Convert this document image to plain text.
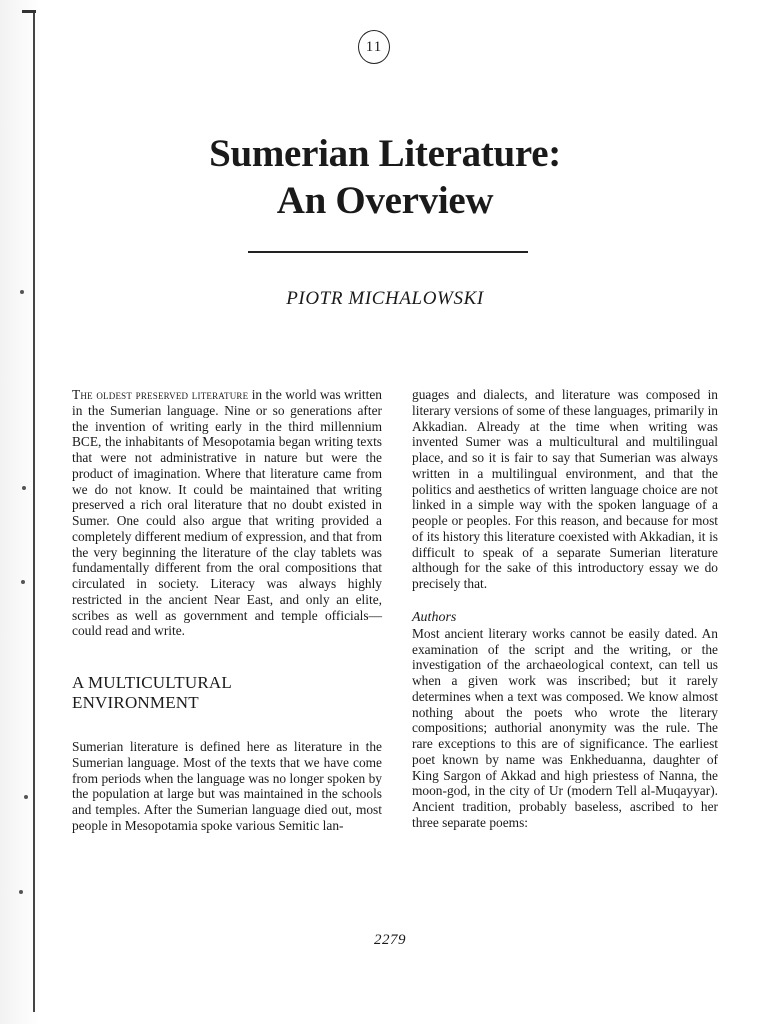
11
Sumerian Literature:
An Overview
PIOTR MICHALOWSKI

The oldest preserved literature in the world was written in the Sumerian language. Nine or so generations after the invention of writing early in the third millennium BCE, the inhabitants of Mesopotamia began writing texts that were not administrative in nature but were the product of imagination. Where that literature came from we do not know. It could be maintained that writing preserved a rich oral literature that no doubt existed in Sumer. One could also argue that writing provided a completely different medium of expression, and that from the very beginning the literature of the clay tablets was fundamentally different from the oral compositions that circulated in society. Literacy was always highly restricted in the ancient Near East, and only an elite, scribes as well as government and temple officials—could read and write.

A MULTICULTURAL
ENVIRONMENT

Sumerian literature is defined here as literature in the Sumerian language. Most of the texts that we have come from periods when the language was no longer spoken by the population at large but was maintained in the schools and temples. After the Sumerian language died out, most people in Mesopotamia spoke various Semitic lan-

guages and dialects, and literature was composed in literary versions of some of these languages, primarily in Akkadian. Already at the time when writing was invented Sumer was a multicultural and multilingual place, and so it is fair to say that Sumerian was always written in a multilingual environment, and that the politics and aesthetics of written language choice are not linked in a simple way with the spoken language of a people or peoples. For this reason, and because for most of its history this literature coexisted with Akkadian, it is difficult to speak of a separate Sumerian literature although for the sake of this introductory essay we do precisely that.

Authors

Most ancient literary works cannot be easily dated. An examination of the script and the writing, or the investigation of the archaeological context, can tell us when a given work was inscribed; but it rarely determines when a text was composed. We know almost nothing about the poets who wrote the literary compositions; authorial anonymity was the rule. The rare exceptions to this are of significance. The earliest poet known by name was Enkheduanna, daughter of King Sargon of Akkad and high priestess of Nanna, the moon-god, in the city of Ur (modern Tell al-Muqayyar). Ancient tradition, probably baseless, ascribed to her three separate poems:

2279
